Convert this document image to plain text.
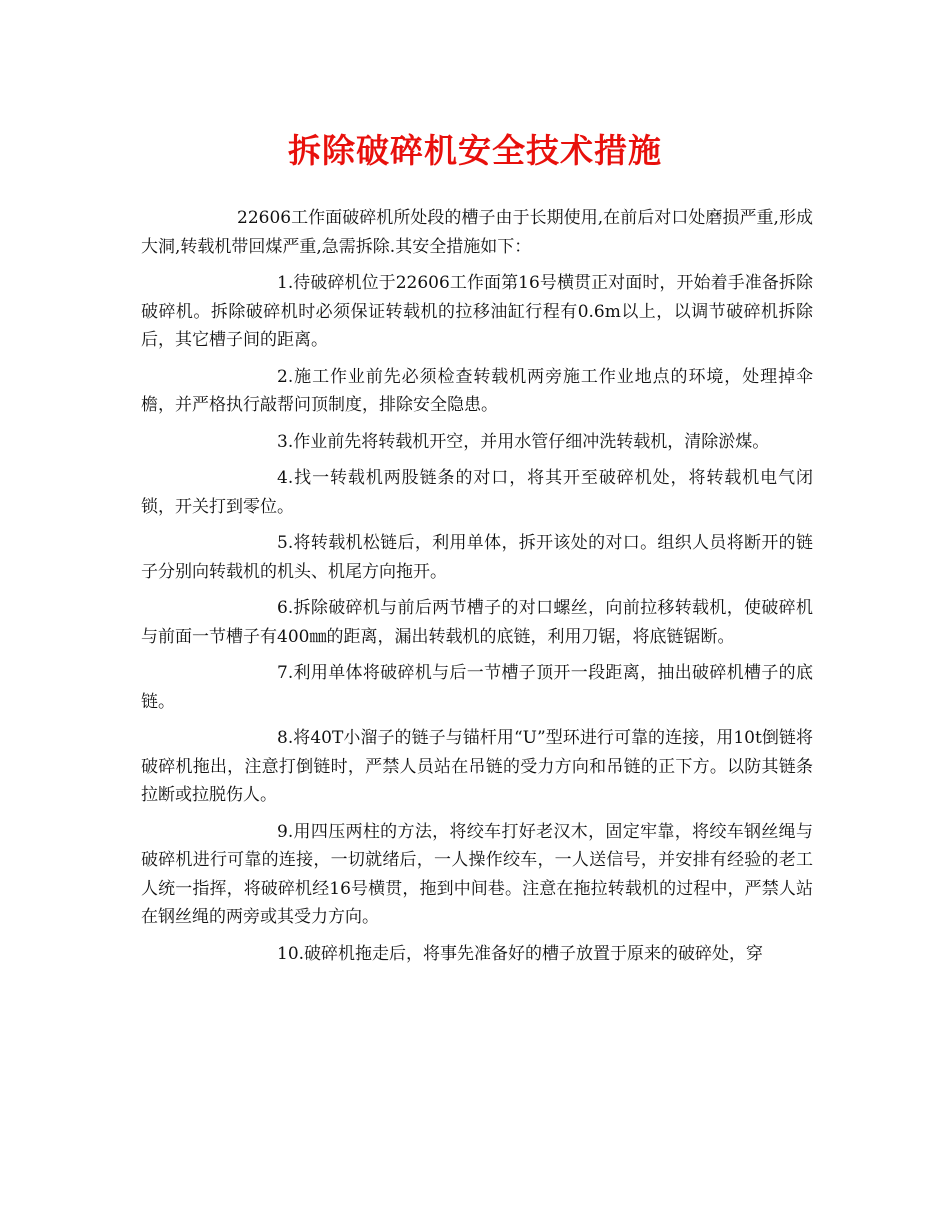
拆除破碎机安全技术措施

22606工作面破碎机所处段的槽子由于长期使用,在前后对口处磨损严重,形成大洞,转载机带回煤严重,急需拆除.其安全措施如下：

1.待破碎机位于22606工作面第16号横贯正对面时，开始着手准备拆除破碎机。拆除破碎机时必须保证转载机的拉移油缸行程有0.6m以上，以调节破碎机拆除后，其它槽子间的距离。

2.施工作业前先必须检查转载机两旁施工作业地点的环境，处理掉伞檐，并严格执行敲帮问顶制度，排除安全隐患。

3.作业前先将转载机开空，并用水管仔细冲洗转载机，清除淤煤。

4.找一转载机两股链条的对口，将其开至破碎机处，将转载机电气闭锁，开关打到零位。

5.将转载机松链后，利用单体，拆开该处的对口。组织人员将断开的链子分别向转载机的机头、机尾方向拖开。

6.拆除破碎机与前后两节槽子的对口螺丝，向前拉移转载机，使破碎机与前面一节槽子有400㎜的距离，漏出转载机的底链，利用刀锯，将底链锯断。

7.利用单体将破碎机与后一节槽子顶开一段距离，抽出破碎机槽子的底链。

8.将40T小溜子的链子与锚杆用“U”型环进行可靠的连接，用10t倒链将破碎机拖出，注意打倒链时，严禁人员站在吊链的受力方向和吊链的正下方。以防其链条拉断或拉脱伤人。

9.用四压两柱的方法，将绞车打好老汉木，固定牢靠，将绞车钢丝绳与破碎机进行可靠的连接，一切就绪后，一人操作绞车，一人送信号，并安排有经验的老工人统一指挥，将破碎机经16号横贯，拖到中间巷。注意在拖拉转载机的过程中，严禁人站在钢丝绳的两旁或其受力方向。

10.破碎机拖走后，将事先准备好的槽子放置于原来的破碎处，穿
